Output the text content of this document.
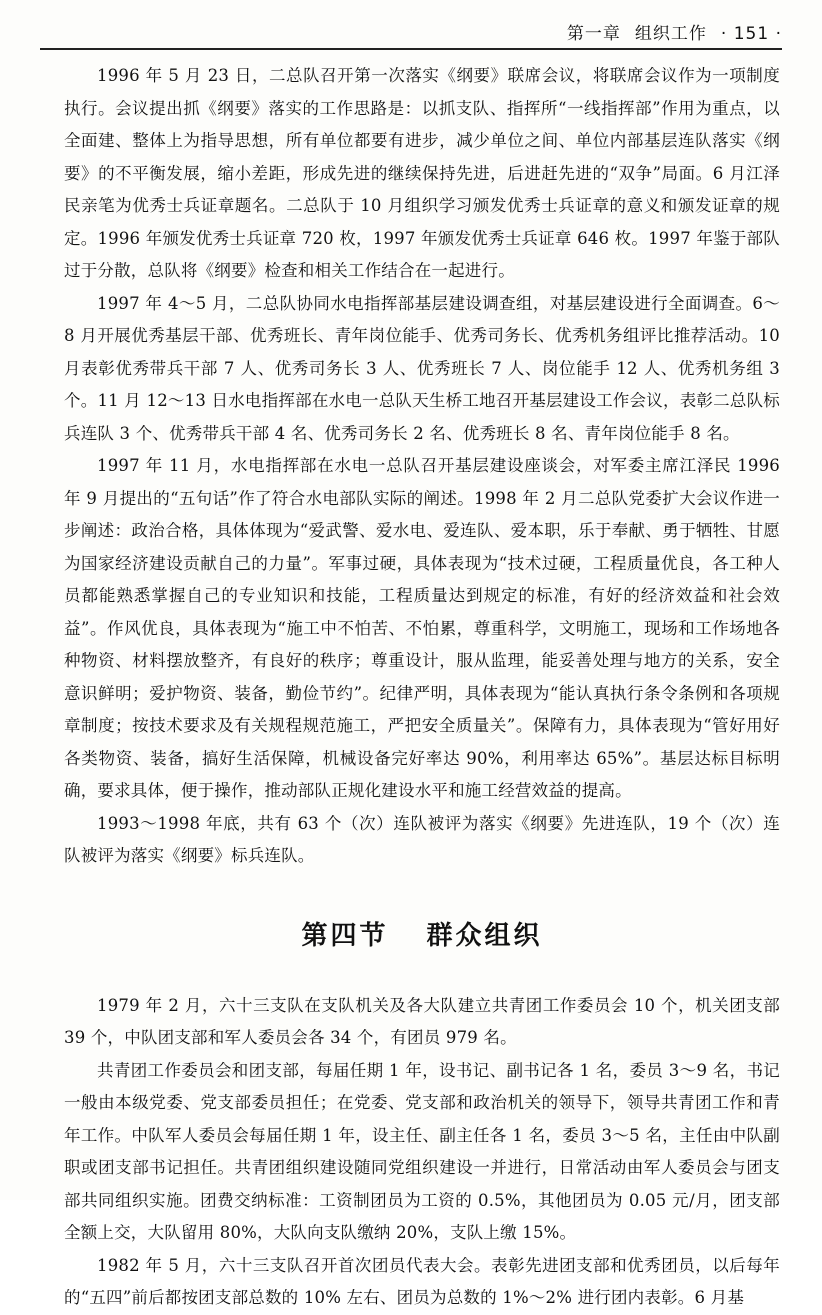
第一章 组织工作 · 151 ·

1996 年 5 月 23 日，二总队召开第一次落实《纲要》联席会议，将联席会议作为一项制度执行。会议提出抓《纲要》落实的工作思路是：以抓支队、指挥所“一线指挥部”作用为重点，以全面建、整体上为指导思想，所有单位都要有进步，减少单位之间、单位内部基层连队落实《纲要》的不平衡发展，缩小差距，形成先进的继续保持先进，后进赶先进的“双争”局面。6 月江泽民亲笔为优秀士兵证章题名。二总队于 10 月组织学习颁发优秀士兵证章的意义和颁发证章的规定。1996 年颁发优秀士兵证章 720 枚，1997 年颁发优秀士兵证章 646 枚。1997 年鉴于部队过于分散，总队将《纲要》检查和相关工作结合在一起进行。

1997 年 4～5 月，二总队协同水电指挥部基层建设调查组，对基层建设进行全面调查。6～8 月开展优秀基层干部、优秀班长、青年岗位能手、优秀司务长、优秀机务组评比推荐活动。10 月表彰优秀带兵干部 7 人、优秀司务长 3 人、优秀班长 7 人、岗位能手 12 人、优秀机务组 3 个。11 月 12～13 日水电指挥部在水电一总队天生桥工地召开基层建设工作会议，表彰二总队标兵连队 3 个、优秀带兵干部 4 名、优秀司务长 2 名、优秀班长 8 名、青年岗位能手 8 名。

1997 年 11 月，水电指挥部在水电一总队召开基层建设座谈会，对军委主席江泽民 1996 年 9 月提出的“五句话”作了符合水电部队实际的阐述。1998 年 2 月二总队党委扩大会议作进一步阐述：政治合格，具体体现为“爱武警、爱水电、爱连队、爱本职，乐于奉献、勇于牺牲、甘愿为国家经济建设贡献自己的力量”。军事过硬，具体表现为“技术过硬，工程质量优良，各工种人员都能熟悉掌握自己的专业知识和技能，工程质量达到规定的标准，有好的经济效益和社会效益”。作风优良，具体表现为“施工中不怕苦、不怕累，尊重科学，文明施工，现场和工作场地各种物资、材料摆放整齐，有良好的秩序；尊重设计，服从监理，能妥善处理与地方的关系，安全意识鲜明；爱护物资、装备，勤俭节约”。纪律严明，具体表现为“能认真执行条令条例和各项规章制度；按技术要求及有关规程规范施工，严把安全质量关”。保障有力，具体表现为“管好用好各类物资、装备，搞好生活保障，机械设备完好率达 90%，利用率达 65%”。基层达标目标明确，要求具体，便于操作，推动部队正规化建设水平和施工经营效益的提高。

1993～1998 年底，共有 63 个（次）连队被评为落实《纲要》先进连队，19 个（次）连队被评为落实《纲要》标兵连队。

第四节 群众组织

1979 年 2 月，六十三支队在支队机关及各大队建立共青团工作委员会 10 个，机关团支部 39 个，中队团支部和军人委员会各 34 个，有团员 979 名。

共青团工作委员会和团支部，每届任期 1 年，设书记、副书记各 1 名，委员 3～9 名，书记一般由本级党委、党支部委员担任；在党委、党支部和政治机关的领导下，领导共青团工作和青年工作。中队军人委员会每届任期 1 年，设主任、副主任各 1 名，委员 3～5 名，主任由中队副职或团支部书记担任。共青团组织建设随同党组织建设一并进行，日常活动由军人委员会与团支部共同组织实施。团费交纳标准：工资制团员为工资的 0.5%，其他团员为 0.05 元/月，团支部全额上交，大队留用 80%，大队向支队缴纳 20%，支队上缴 15%。

1982 年 5 月，六十三支队召开首次团员代表大会。表彰先进团支部和优秀团员，以后每年的“五四”前后都按团支部总数的 10% 左右、团员为总数的 1%～2% 进行团内表彰。6 月基
